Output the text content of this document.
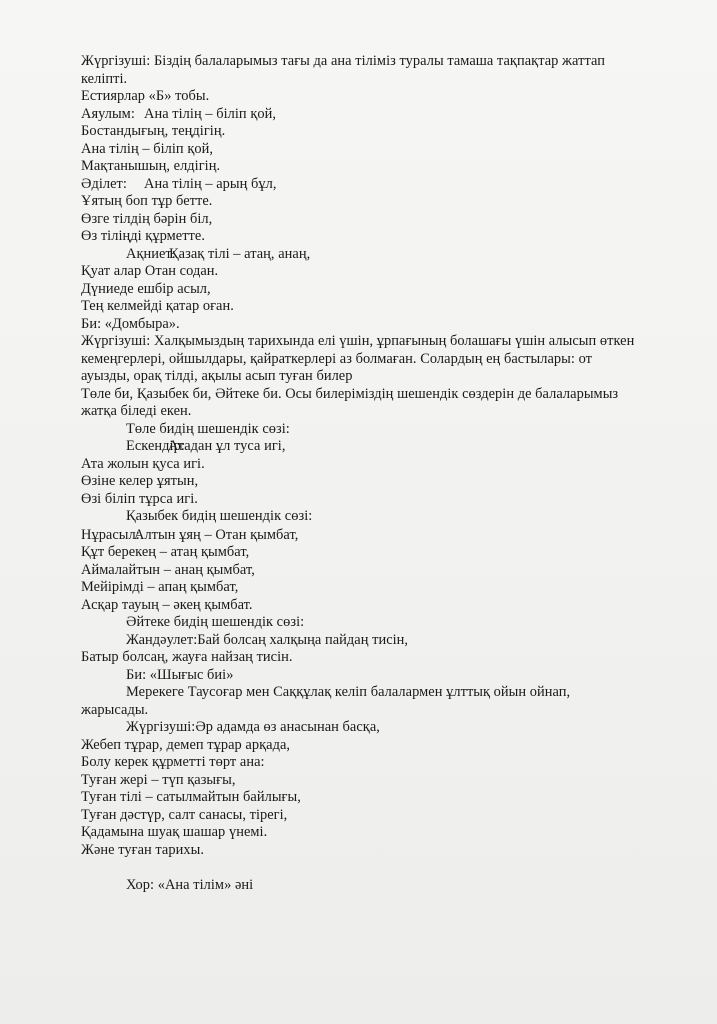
Жүргізуші: Біздің балаларымыз тағы да ана тіліміз туралы тамаша тақпақтар жаттап келіпті.
Естиярлар «Б» тобы.
Аяулым: Ана тілің – біліп қой,
Бостандығың, теңдігің.
Ана тілің – біліп қой,
Мақтанышың, елдігің.
Әділет: Ана тілің – арың бұл,
Ұятың боп тұр бетте.
Өзге тілдің бәрін біл,
Өз тіліңді құрметте.
Ақниет:Қазақ тілі – атаң, анаң,
Қуат алар Отан содан.
Дүниеде ешбір асыл,
Тең келмейді қатар оған.
Би: «Домбыра».
Жүргізуші: Халқымыздың тарихында елі үшін, ұрпағының болашағы үшін алысып өткен кемеңгерлері, ойшылдары, қайраткерлері аз болмаған. Солардың ең бастылары: от ауызды, орақ тілді, ақылы асып туған билер
Төле би, Қазыбек би, Әйтеке би. Осы билеріміздің шешендік сөздерін де балаларымыз жатқа біледі екен.
Төле бидің шешендік сөзі:
Ескендір:Атадан ұл туса игі,
Ата жолын қуса игі.
Өзіне келер ұятын,
Өзі біліп тұрса игі.
Қазыбек бидің шешендік сөзі:
Нұрасыл:Алтын ұяң – Отан қымбат,
Құт берекең – атаң қымбат,
Аймалайтын – анаң қымбат,
Мейірімді – апаң қымбат,
Асқар тауың – әкең қымбат.
Әйтеке бидің шешендік сөзі:
Жандәулет:Бай болсаң халқыңа пайдаң тисін,
Батыр болсаң, жауға найзаң тисін.
Би: «Шығыс биі»
Мерекеге Таусоғар мен Саққұлақ келіп балалармен ұлттық ойын ойнап, жарысады.
Жүргізуші:Әр адамда өз анасынан басқа,
Жебеп тұрар, демеп тұрар арқада,
Болу керек құрметті төрт ана:
Туған жері – түп қазығы,
Туған тілі – сатылмайтын байлығы,
Туған дәстүр, салт санасы, тірегі,
Қадамына шуақ шашар үнемі.
Және туған тарихы.
Хор: «Ана тілім» әні
